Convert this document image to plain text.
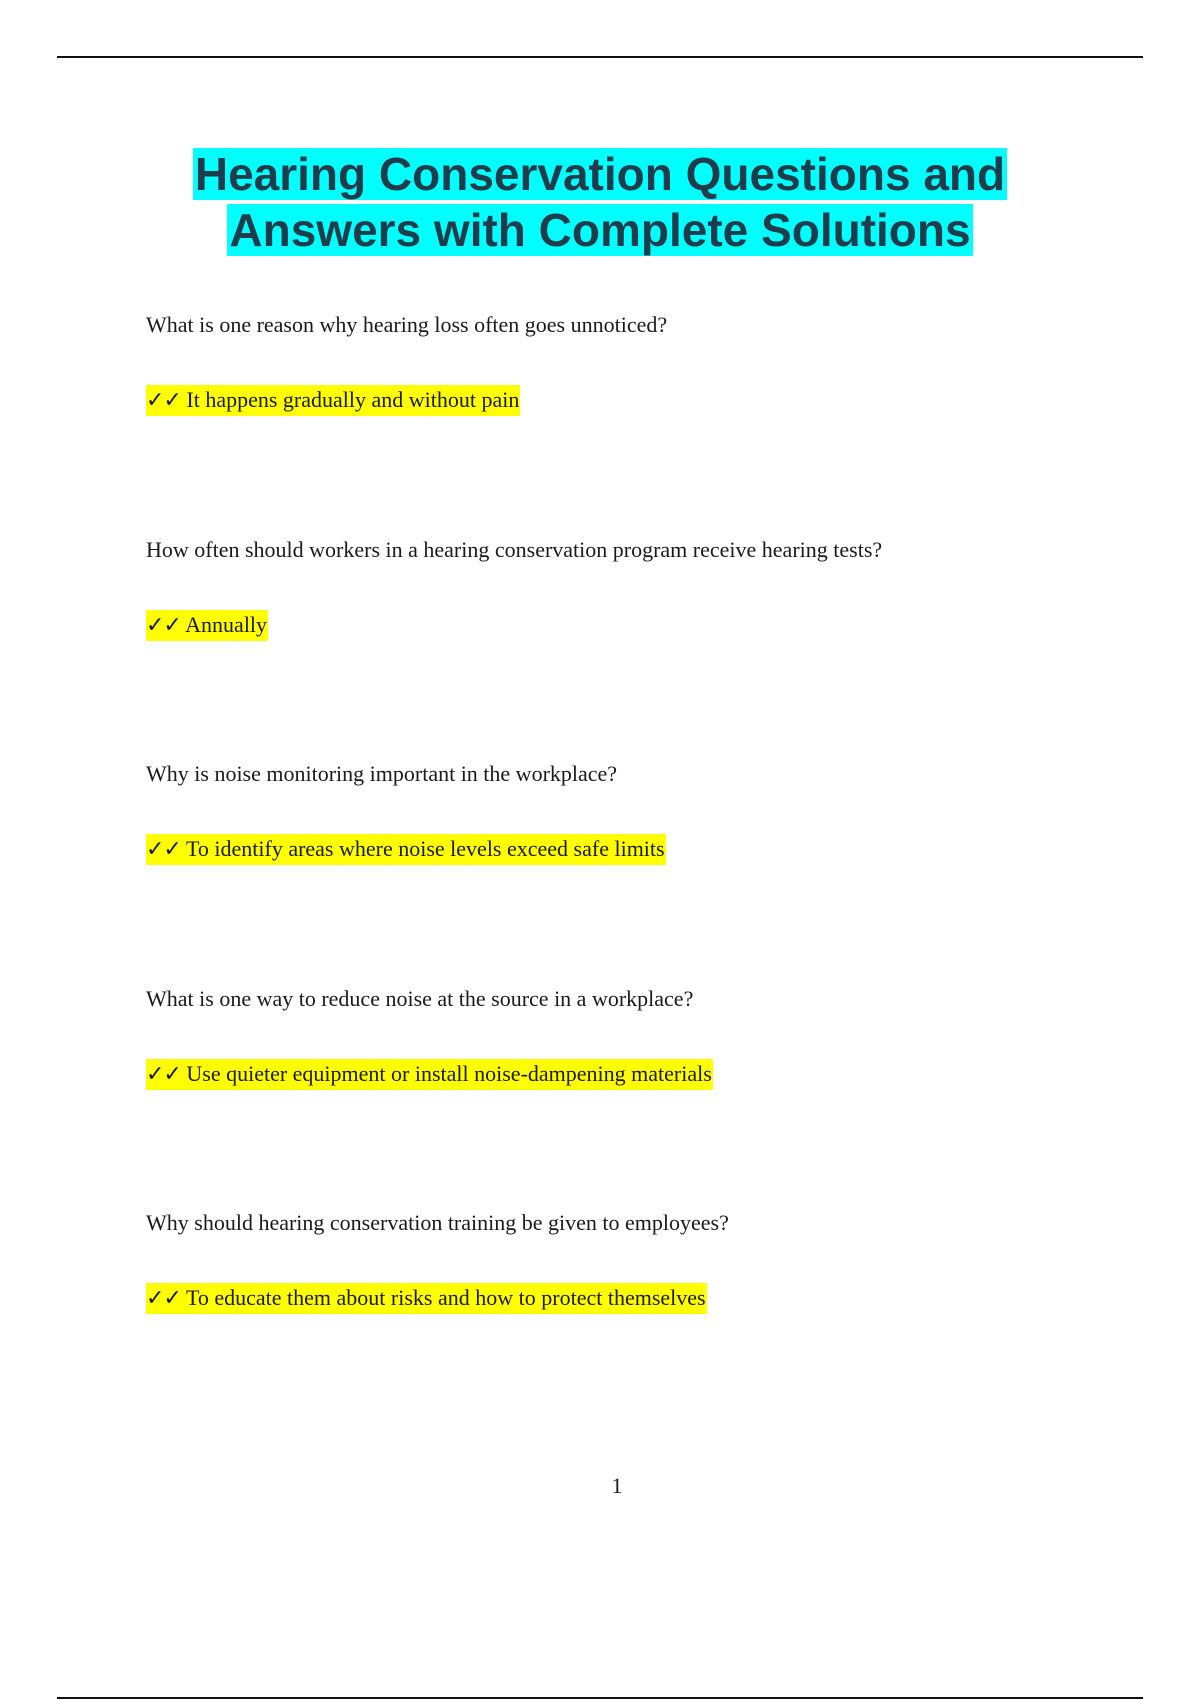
Hearing Conservation Questions and
Answers with Complete Solutions

What is one reason why hearing loss often goes unnoticed?

✓✓ It happens gradually and without pain

How often should workers in a hearing conservation program receive hearing tests?

✓✓ Annually

Why is noise monitoring important in the workplace?

✓✓ To identify areas where noise levels exceed safe limits

What is one way to reduce noise at the source in a workplace?

✓✓ Use quieter equipment or install noise-dampening materials

Why should hearing conservation training be given to employees?

✓✓ To educate them about risks and how to protect themselves

1
